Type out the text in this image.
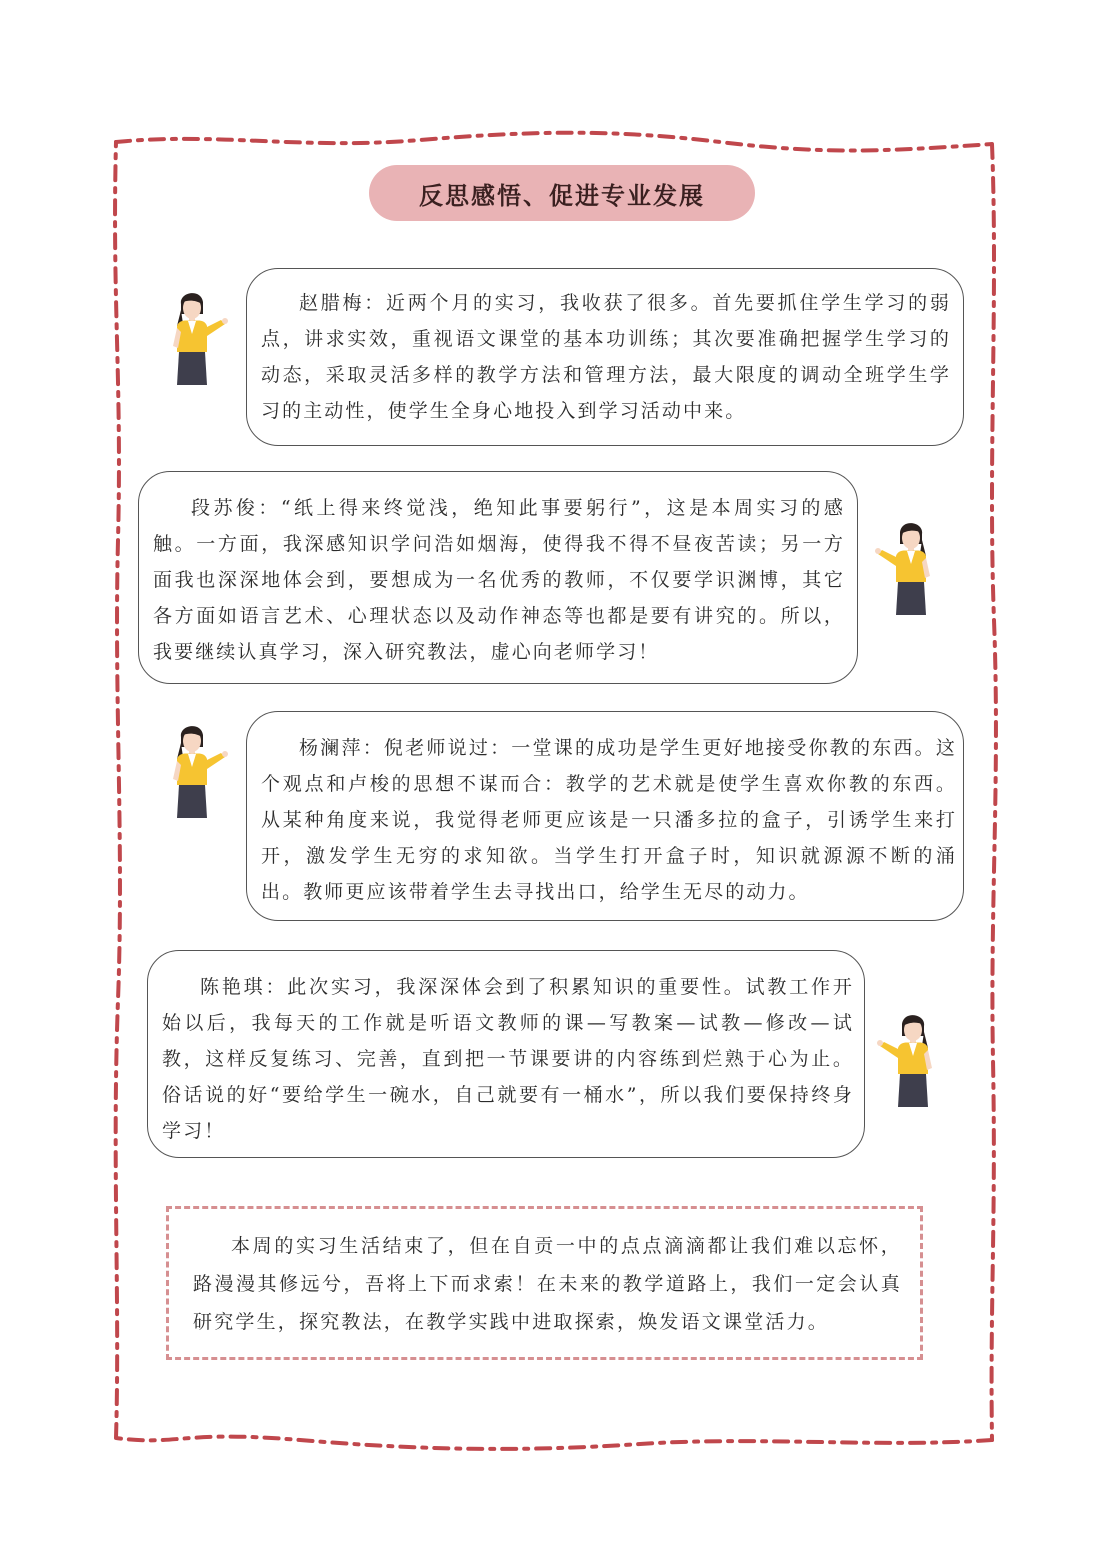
反思感悟、促进专业发展
赵腊梅：近两个月的实习，我收获了很多。首先要抓住学生学习的弱点，讲求实效，重视语文课堂的基本功训练；其次要准确把握学生学习的动态，采取灵活多样的教学方法和管理方法，最大限度的调动全班学生学习的主动性，使学生全身心地投入到学习活动中来。
段苏俊：“纸上得来终觉浅，绝知此事要躬行”，这是本周实习的感触。一方面，我深感知识学问浩如烟海，使得我不得不昼夜苦读；另一方面我也深深地体会到，要想成为一名优秀的教师，不仅要学识渊博，其它各方面如语言艺术、心理状态以及动作神态等也都是要有讲究的。所以，我要继续认真学习，深入研究教法，虚心向老师学习！
杨澜萍：倪老师说过：一堂课的成功是学生更好地接受你教的东西。这个观点和卢梭的思想不谋而合：教学的艺术就是使学生喜欢你教的东西。从某种角度来说，我觉得老师更应该是一只潘多拉的盒子，引诱学生来打开，激发学生无穷的求知欲。当学生打开盒子时，知识就源源不断的涌出。教师更应该带着学生去寻找出口，给学生无尽的动力。
陈艳琪：此次实习，我深深体会到了积累知识的重要性。试教工作开始以后，我每天的工作就是听语文教师的课—写教案—试教—修改—试教，这样反复练习、完善，直到把一节课要讲的内容练到烂熟于心为止。俗话说的好“要给学生一碗水，自己就要有一桶水”，所以我们要保持终身学习！
本周的实习生活结束了，但在自贡一中的点点滴滴都让我们难以忘怀，路漫漫其修远兮，吾将上下而求索！在未来的教学道路上，我们一定会认真研究学生，探究教法，在教学实践中进取探索，焕发语文课堂活力。
